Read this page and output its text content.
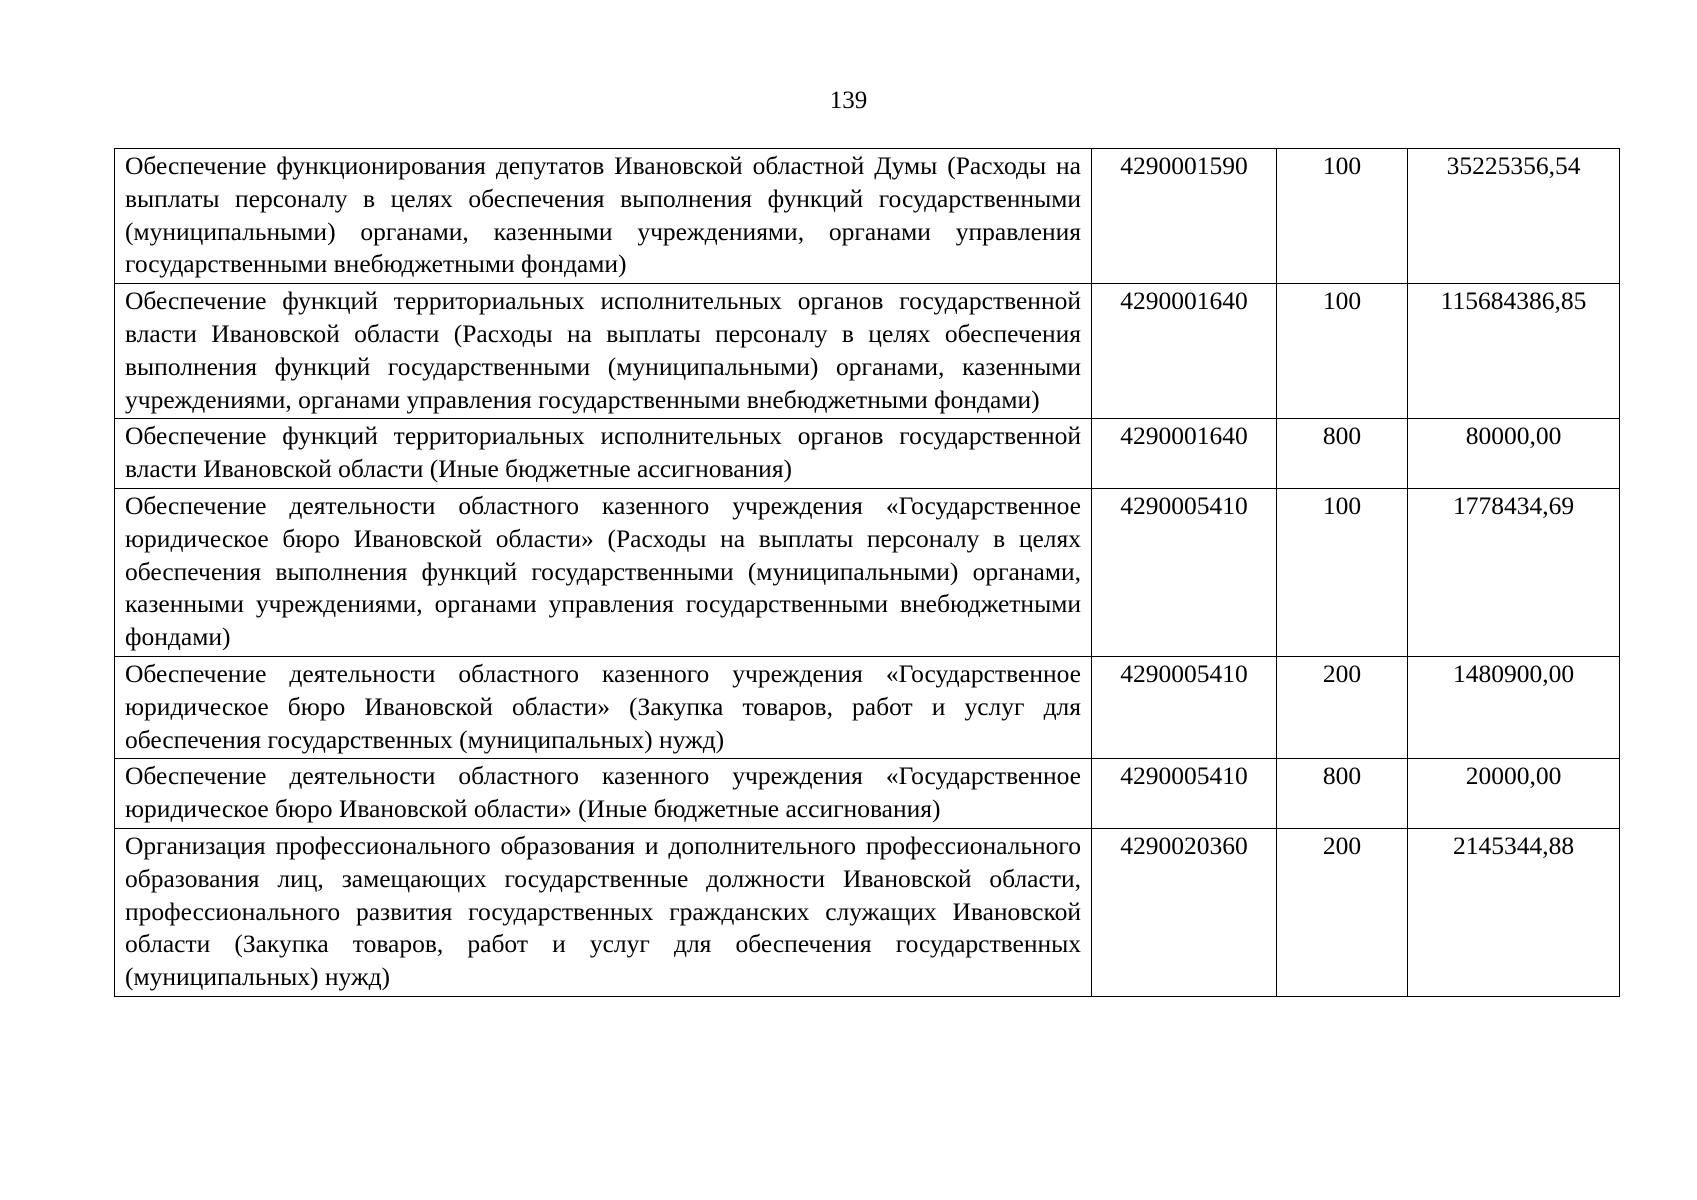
139
Обеспечение функционирования депутатов Ивановской областной Думы (Расходы на выплаты персоналу в целях обеспечения выполнения функций государственными (муниципальными) органами, казенными учреждениями, органами управления государственными внебюджетными фондами)	4290001590	100	35225356,54
Обеспечение функций территориальных исполнительных органов государственной власти Ивановской области (Расходы на выплаты персоналу в целях обеспечения выполнения функций государственными (муниципальными) органами, казенными учреждениями, органами управления государственными внебюджетными фондами)	4290001640	100	115684386,85
Обеспечение функций территориальных исполнительных органов государственной власти Ивановской области (Иные бюджетные ассигнования)	4290001640	800	80000,00
Обеспечение деятельности областного казенного учреждения «Государственное юридическое бюро Ивановской области» (Расходы на выплаты персоналу в целях обеспечения выполнения функций государственными (муниципальными) органами, казенными учреждениями, органами управления государственными внебюджетными фондами)	4290005410	100	1778434,69
Обеспечение деятельности областного казенного учреждения «Государственное юридическое бюро Ивановской области» (Закупка товаров, работ и услуг для обеспечения государственных (муниципальных) нужд)	4290005410	200	1480900,00
Обеспечение деятельности областного казенного учреждения «Государственное юридическое бюро Ивановской области» (Иные бюджетные ассигнования)	4290005410	800	20000,00
Организация профессионального образования и дополнительного профессионального образования лиц, замещающих государственные должности Ивановской области, профессионального развития государственных гражданских служащих Ивановской области (Закупка товаров, работ и услуг для обеспечения государственных (муниципальных) нужд)	4290020360	200	2145344,88
